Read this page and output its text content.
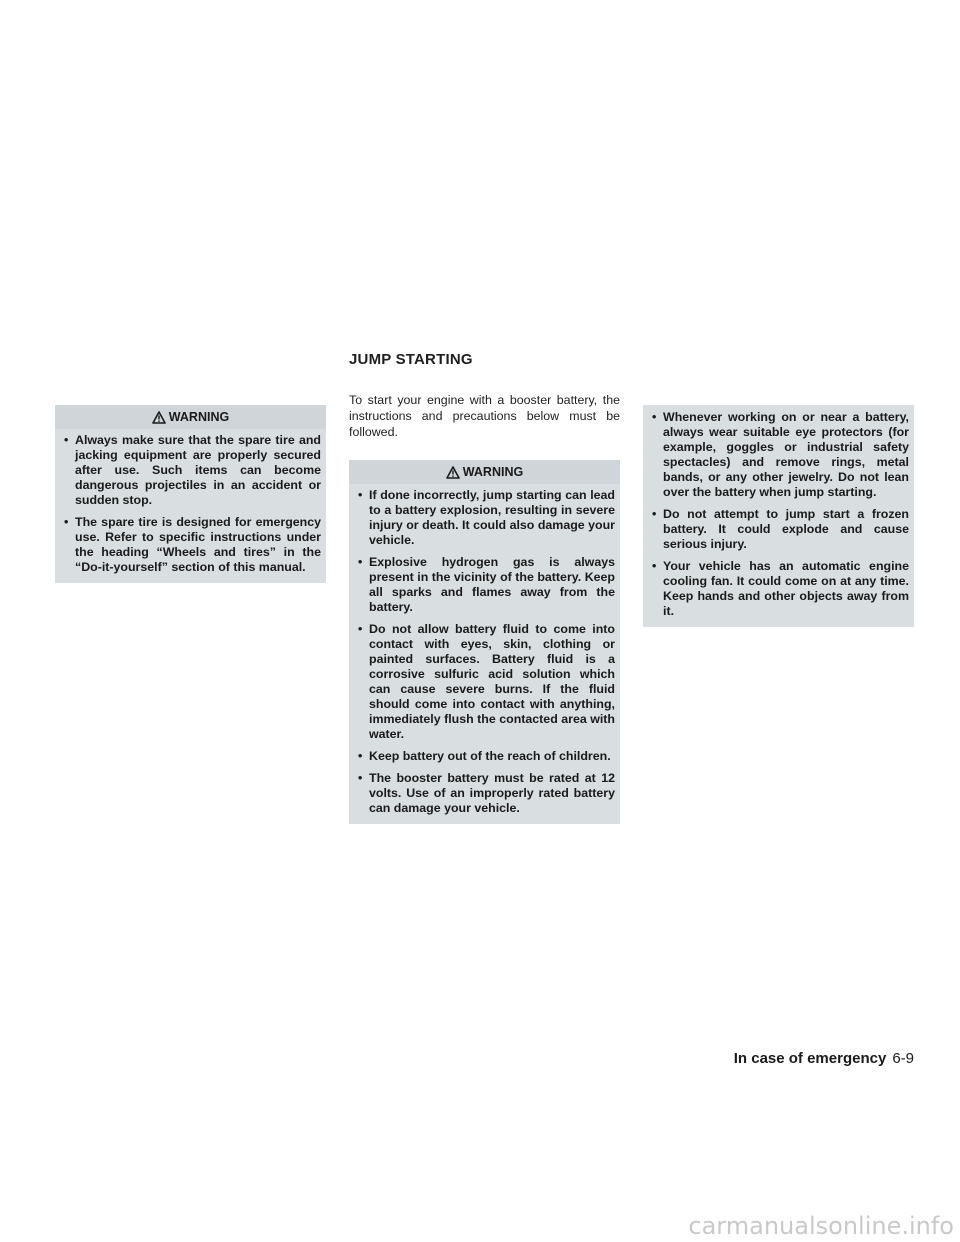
JUMP STARTING
WARNING
• Always make sure that the spare tire and jacking equipment are properly secured after use. Such items can become dangerous projectiles in an accident or sudden stop.
• The spare tire is designed for emergency use. Refer to specific instructions under the heading “Wheels and tires” in the “Do-it-yourself” section of this manual.
To start your engine with a booster battery, the instructions and precautions below must be followed.
WARNING
• If done incorrectly, jump starting can lead to a battery explosion, resulting in severe injury or death. It could also damage your vehicle.
• Explosive hydrogen gas is always present in the vicinity of the battery. Keep all sparks and flames away from the battery.
• Do not allow battery fluid to come into contact with eyes, skin, clothing or painted surfaces. Battery fluid is a corrosive sulfuric acid solution which can cause severe burns. If the fluid should come into contact with anything, immediately flush the contacted area with water.
• Keep battery out of the reach of children.
• The booster battery must be rated at 12 volts. Use of an improperly rated battery can damage your vehicle.
• Whenever working on or near a battery, always wear suitable eye protectors (for example, goggles or industrial safety spectacles) and remove rings, metal bands, or any other jewelry. Do not lean over the battery when jump starting.
• Do not attempt to jump start a frozen battery. It could explode and cause serious injury.
• Your vehicle has an automatic engine cooling fan. It could come on at any time. Keep hands and other objects away from it.
In case of emergency 6-9
carmanualsonline.info
